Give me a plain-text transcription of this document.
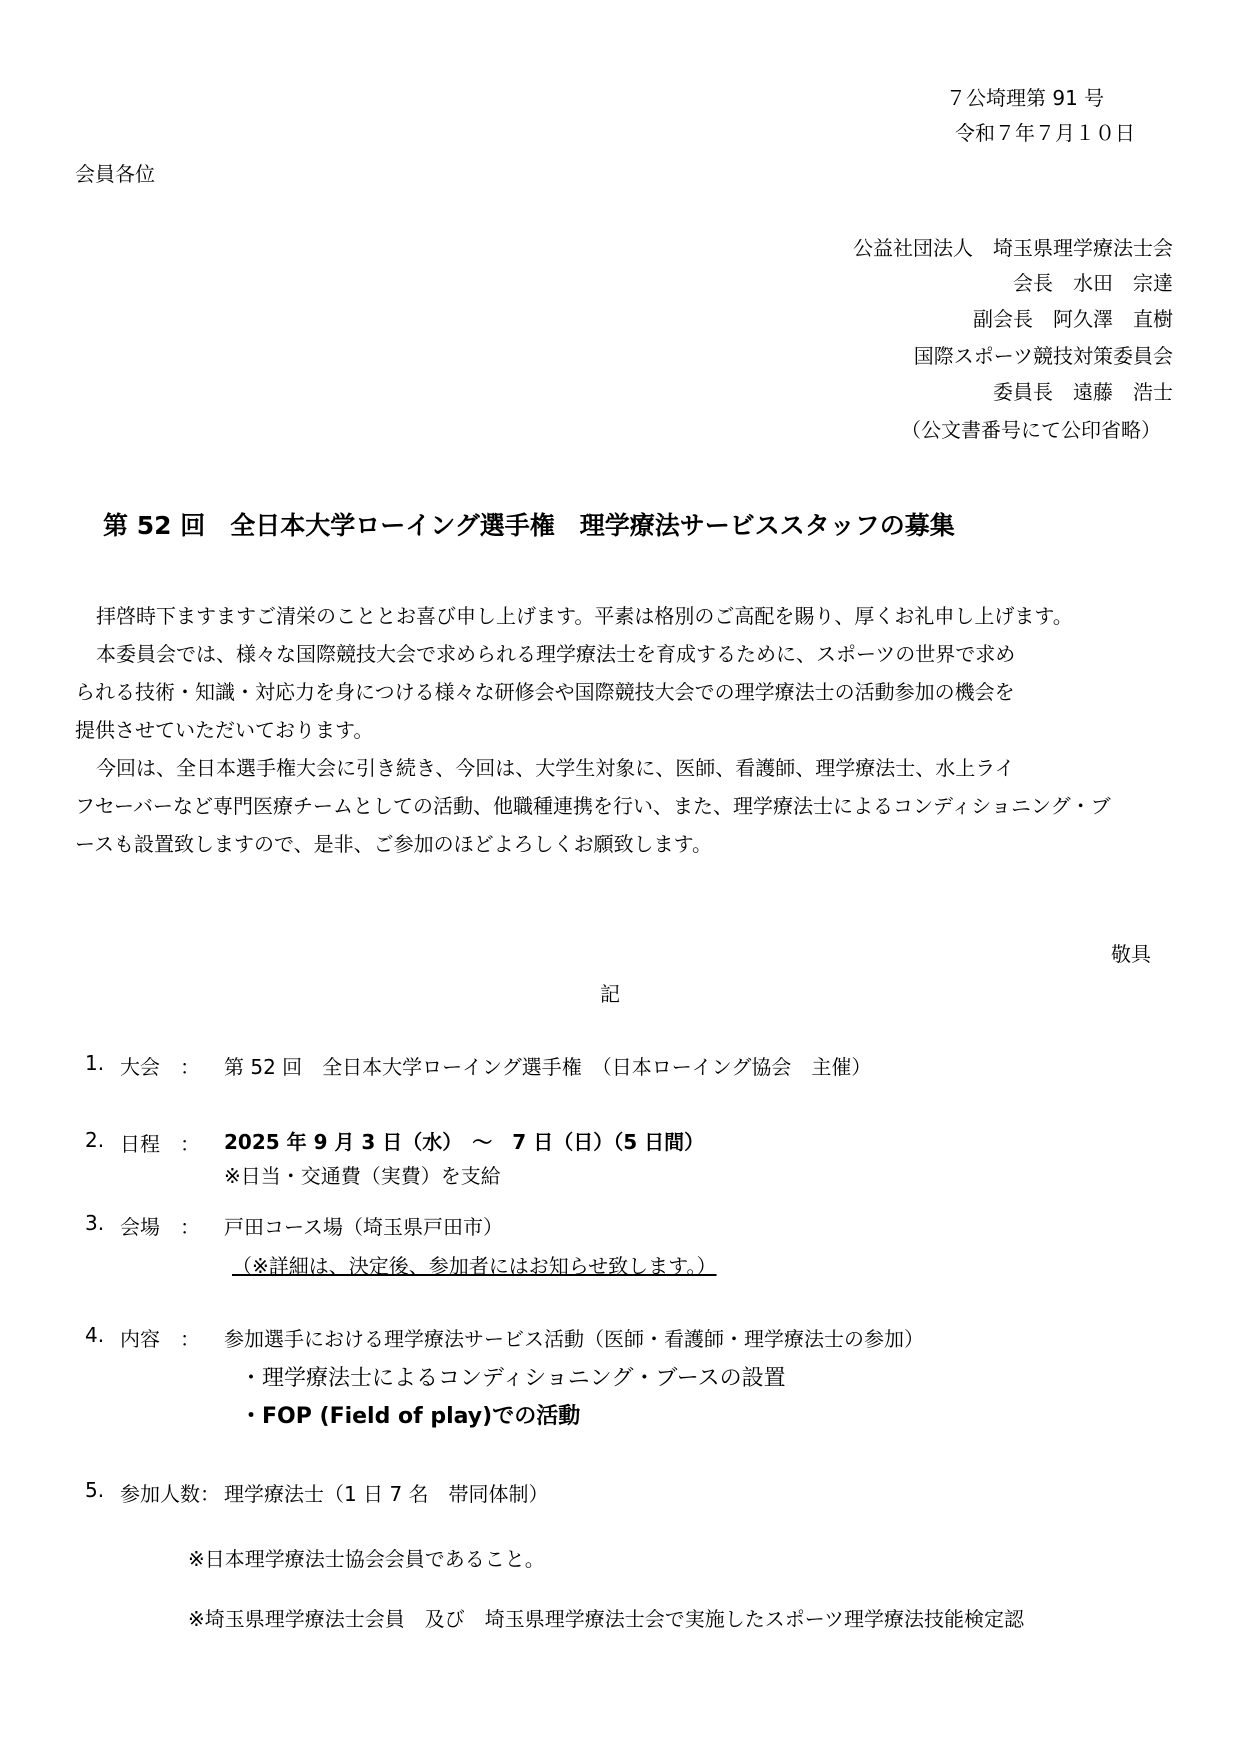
７公埼理第 91 号
令和７年７月１０日
会員各位
公益社団法人　埼玉県理学療法士会
会長　水田　宗達
副会長　阿久澤　直樹
国際スポーツ競技対策委員会
委員長　遠藤　浩士
（公文書番号にて公印省略）
第 52 回　全日本大学ローイング選手権　理学療法サービススタッフの募集
拝啓時下ますますご清栄のこととお喜び申し上げます。平素は格別のご高配を賜り、厚くお礼申し上げます。
本委員会では、様々な国際競技大会で求められる理学療法士を育成するために、スポーツの世界で求め
られる技術・知識・対応力を身につける様々な研修会や国際競技大会での理学療法士の活動参加の機会を
提供させていただいております。
今回は、全日本選手権大会に引き続き、今回は、大学生対象に、医師、看護師、理学療法士、水上ライ
フセーバーなど専門医療チームとしての活動、他職種連携を行い、また、理学療法士によるコンディショニング・ブ
ースも設置致しますので、是非、ご参加のほどよろしくお願致します。
敬具
記
1. 大会　： 第 52 回　全日本大学ローイング選手権　（日本ローイング協会　主催）
2. 日程　： 2025 年 9 月 3 日（水）　～　7 日（日）（5 日間）
※日当・交通費（実費）を支給
3. 会場　： 戸田コース場（埼玉県戸田市）
（※詳細は、決定後、参加者にはお知らせ致します。）
4. 内容　： 参加選手における理学療法サービス活動（医師・看護師・理学療法士の参加）
・理学療法士によるコンディショニング・ブースの設置
・FOP (Field of play)での活動
5. 参加人数： 理学療法士（1 日 7 名　帯同体制）
※日本理学療法士協会会員であること。
※埼玉県理学療法士会員　及び　埼玉県理学療法士会で実施したスポーツ理学療法技能検定認
